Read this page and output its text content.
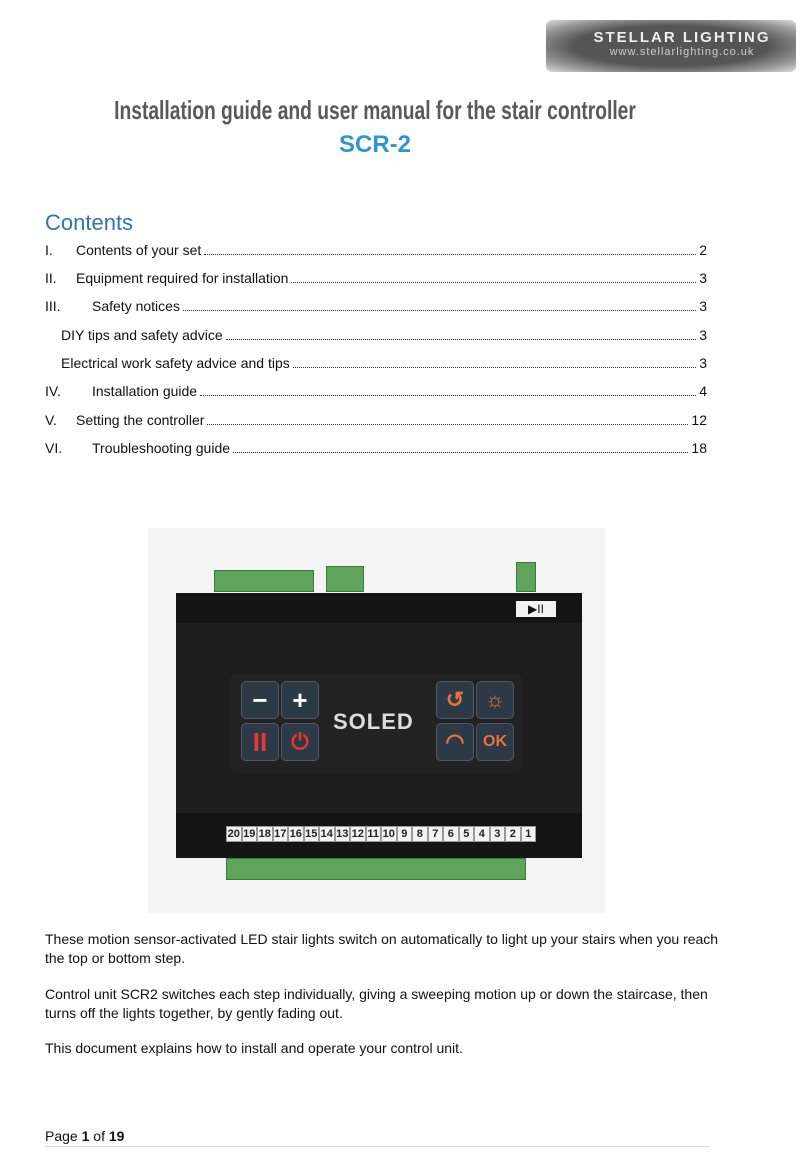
STELLAR LIGHTING
www.stellarlighting.co.uk
Installation guide and user manual for the stair controller
SCR-2
Contents
I.	Contents of your set	2
II.	Equipment required for installation	3
III.	Safety notices	3
DIY tips and safety advice	3
Electrical work safety advice and tips	3
IV.	Installation guide	4
V.	Setting the controller	12
VI.	Troubleshooting guide	18
▶II
− +
II	⏻
SOLED
↺ ☼
◠	OK
20 19 18 17 16 15 14 13 12 11 10 9 8 7 6 5 4 3 2 1
These motion sensor-activated LED stair lights switch on automatically to light up your stairs when you reach the top or bottom step.
Control unit SCR2 switches each step individually, giving a sweeping motion up or down the staircase, then turns off the lights together, by gently fading out.
This document explains how to install and operate your control unit.
Page 1 of 19
